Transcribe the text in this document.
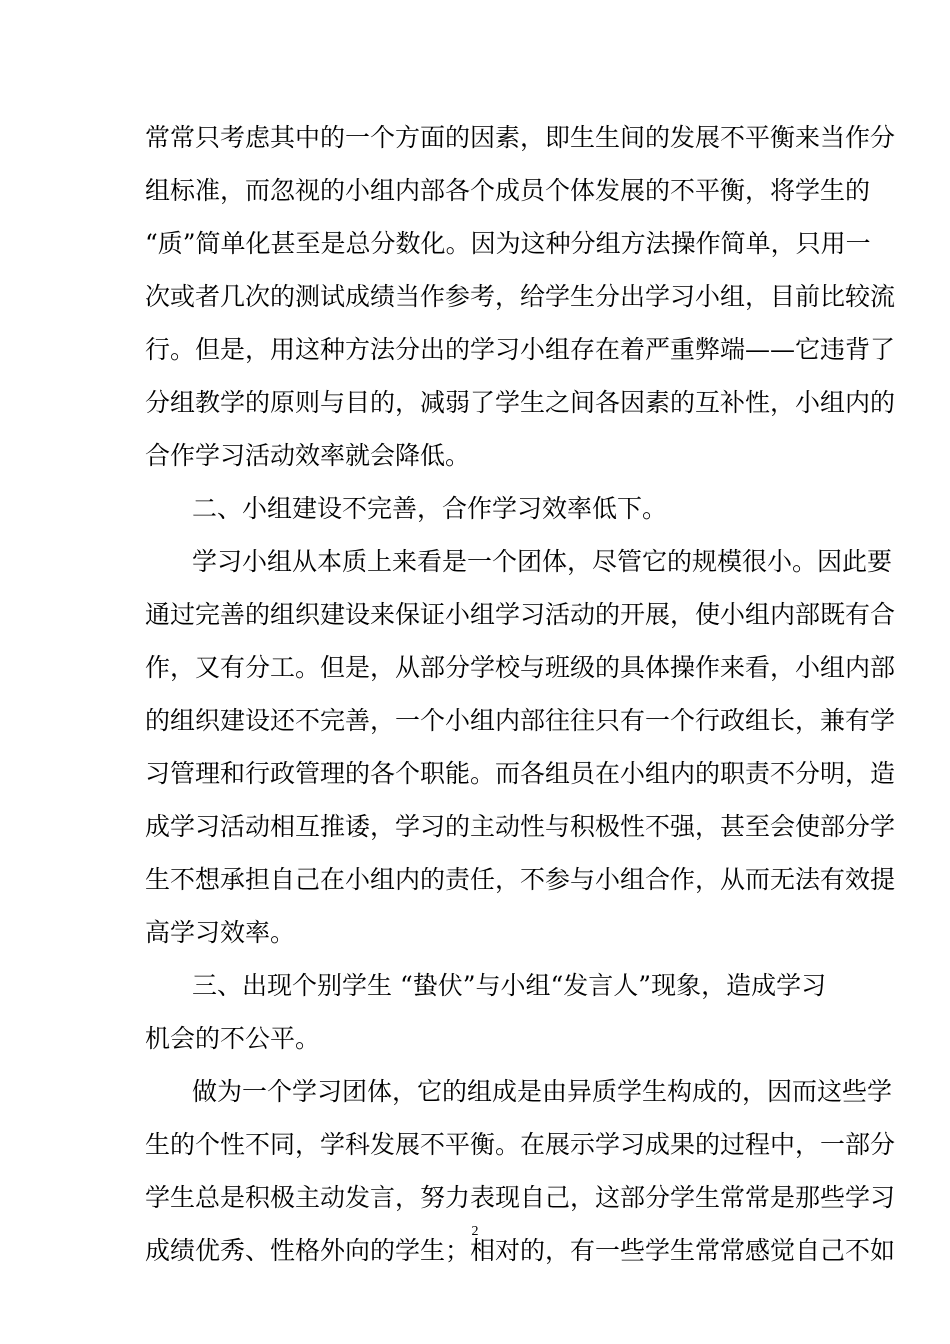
常常只考虑其中的一个方面的因素，即生生间的发展不平衡来当作分
组标准，而忽视的小组内部各个成员个体发展的不平衡，将学生的
“质”简单化甚至是总分数化。因为这种分组方法操作简单，只用一
次或者几次的测试成绩当作参考，给学生分出学习小组，目前比较流
行。但是，用这种方法分出的学习小组存在着严重弊端——它违背了
分组教学的原则与目的，减弱了学生之间各因素的互补性，小组内的
合作学习活动效率就会降低。
二、小组建设不完善，合作学习效率低下。
学习小组从本质上来看是一个团体，尽管它的规模很小。因此要
通过完善的组织建设来保证小组学习活动的开展，使小组内部既有合
作，又有分工。但是，从部分学校与班级的具体操作来看，小组内部
的组织建设还不完善，一个小组内部往往只有一个行政组长，兼有学
习管理和行政管理的各个职能。而各组员在小组内的职责不分明，造
成学习活动相互推诿，学习的主动性与积极性不强，甚至会使部分学
生不想承担自己在小组内的责任，不参与小组合作，从而无法有效提
高学习效率。
三、出现个别学生 “蛰伏”与小组“发言人”现象，造成学习
机会的不公平。
做为一个学习团体，它的组成是由异质学生构成的，因而这些学
生的个性不同，学科发展不平衡。在展示学习成果的过程中，一部分
学生总是积极主动发言，努力表现自己，这部分学生常常是那些学习
成绩优秀、性格外向的学生；相对的，有一些学生常常感觉自己不如
2
